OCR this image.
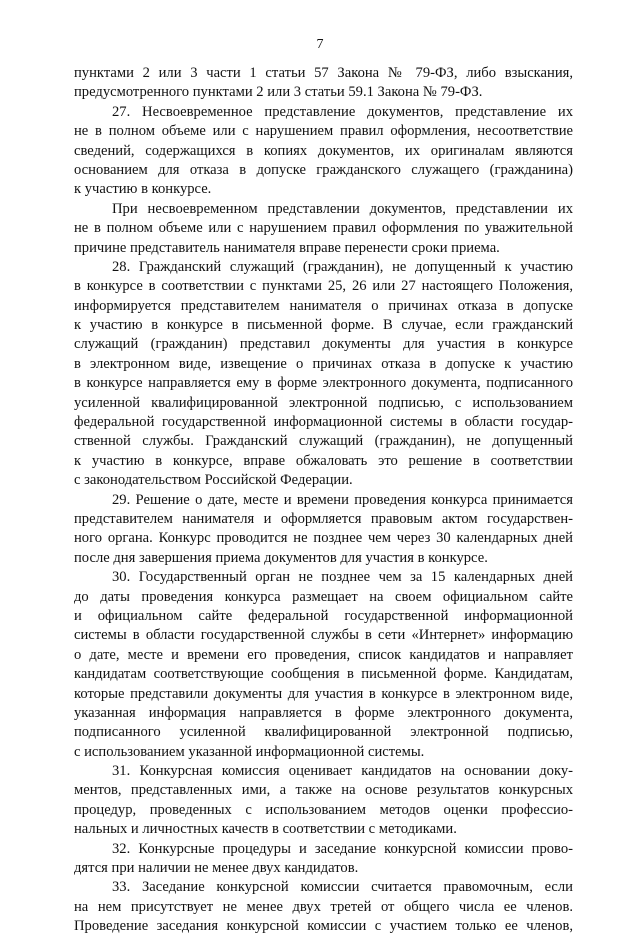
7
пунктами 2 или 3 части 1 статьи 57 Закона № 79-ФЗ, либо взыскания,
предусмотренного пунктами 2 или 3 статьи 59.1 Закона № 79-ФЗ.
27. Несвоевременное представление документов, представление их
не в полном объеме или с нарушением правил оформления, несоответствие
сведений, содержащихся в копиях документов, их оригиналам являются
основанием для отказа в допуске гражданского служащего (гражданина)
к участию в конкурсе.
При несвоевременном представлении документов, представлении их
не в полном объеме или с нарушением правил оформления по уважительной
причине представитель нанимателя вправе перенести сроки приема.
28. Гражданский служащий (гражданин), не допущенный к участию
в конкурсе в соответствии с пунктами 25, 26 или 27 настоящего Положения,
информируется представителем нанимателя о причинах отказа в допуске
к участию в конкурсе в письменной форме. В случае, если гражданский
служащий (гражданин) представил документы для участия в конкурсе
в электронном виде, извещение о причинах отказа в допуске к участию
в конкурсе направляется ему в форме электронного документа, подписанного
усиленной квалифицированной электронной подписью, с использованием
федеральной государственной информационной системы в области государ-
ственной службы. Гражданский служащий (гражданин), не допущенный
к участию в конкурсе, вправе обжаловать это решение в соответствии
с законодательством Российской Федерации.
29. Решение о дате, месте и времени проведения конкурса принимается
представителем нанимателя и оформляется правовым актом государствен-
ного органа. Конкурс проводится не позднее чем через 30 календарных дней
после дня завершения приема документов для участия в конкурсе.
30. Государственный орган не позднее чем за 15 календарных дней
до даты проведения конкурса размещает на своем официальном сайте
и официальном сайте федеральной государственной информационной
системы в области государственной службы в сети «Интернет» информацию
о дате, месте и времени его проведения, список кандидатов и направляет
кандидатам соответствующие сообщения в письменной форме. Кандидатам,
которые представили документы для участия в конкурсе в электронном виде,
указанная информация направляется в форме электронного документа,
подписанного усиленной квалифицированной электронной подписью,
с использованием указанной информационной системы.
31. Конкурсная комиссия оценивает кандидатов на основании доку-
ментов, представленных ими, а также на основе результатов конкурсных
процедур, проведенных с использованием методов оценки профессио-
нальных и личностных качеств в соответствии с методиками.
32. Конкурсные процедуры и заседание конкурсной комиссии прово-
дятся при наличии не менее двух кандидатов.
33. Заседание конкурсной комиссии считается правомочным, если
на нем присутствует не менее двух третей от общего числа ее членов.
Проведение заседания конкурсной комиссии с участием только ее членов,
